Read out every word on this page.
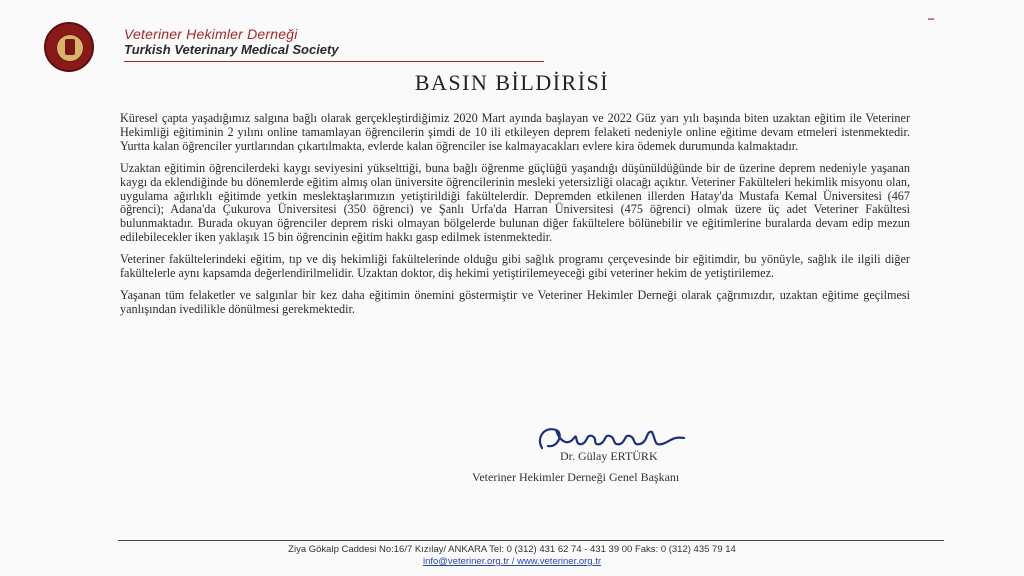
Veteriner Hekimler Derneği
Turkish Veterinary Medical Society
▬
BASIN BİLDİRİSİ

Küresel çapta yaşadığımız salgına bağlı olarak gerçekleştirdiğimiz 2020 Mart ayında başlayan ve 2022 Güz yarı yılı başında biten uzaktan eğitim ile Veteriner Hekimliği eğitiminin 2 yılını online tamamlayan öğrencilerin şimdi de 10 ili etkileyen deprem felaketi nedeniyle online eğitime devam etmeleri istenmektedir. Yurtta kalan öğrenciler yurtlarından çıkartılmakta, evlerde kalan öğrenciler ise kalmayacakları evlere kira ödemek durumunda kalmaktadır.

Uzaktan eğitimin öğrencilerdeki kaygı seviyesini yükselttiği, buna bağlı öğrenme güçlüğü yaşandığı düşünüldüğünde bir de üzerine deprem nedeniyle yaşanan kaygı da eklendiğinde bu dönemlerde eğitim almış olan üniversite öğrencilerinin mesleki yetersizliği olacağı açıktır. Veteriner Fakülteleri hekimlik misyonu olan, uygulama ağırlıklı eğitimde yetkin meslektaşlarımızın yetiştirildiği fakültelerdir. Depremden etkilenen illerden Hatay'da Mustafa Kemal Üniversitesi (467 öğrenci); Adana'da Çukurova Üniversitesi (350 öğrenci) ve Şanlı Urfa'da Harran Üniversitesi (475 öğrenci) olmak üzere üç adet Veteriner Fakültesi bulunmaktadır. Burada okuyan öğrenciler deprem riski olmayan bölgelerde bulunan diğer fakültelere bölünebilir ve eğitimlerine buralarda devam edip mezun edilebilecekler iken yaklaşık 15 bin öğrencinin eğitim hakkı gasp edilmek istenmektedir.

Veteriner fakültelerindeki eğitim, tıp ve diş hekimliği fakültelerinde olduğu gibi sağlık programı çerçevesinde bir eğitimdir, bu yönüyle, sağlık ile ilgili diğer fakültelerle aynı kapsamda değerlendirilmelidir. Uzaktan doktor, diş hekimi yetiştirilemeyeceği gibi veteriner hekim de yetiştirilemez.

Yaşanan tüm felaketler ve salgınlar bir kez daha eğitimin önemini göstermiştir ve Veteriner Hekimler Derneği olarak çağrımızdır, uzaktan eğitime geçilmesi yanlışından ivedilikle dönülmesi gerekmektedir.

Dr. Gülay ERTÜRK
Veteriner Hekimler Derneği Genel Başkanı
Ziya Gökalp Caddesi No:16/7 Kızılay/ ANKARA Tel: 0 (312) 431 62 74 - 431 39 00 Faks: 0 (312) 435 79 14
info@veteriner.org.tr / www.veteriner.org.tr
